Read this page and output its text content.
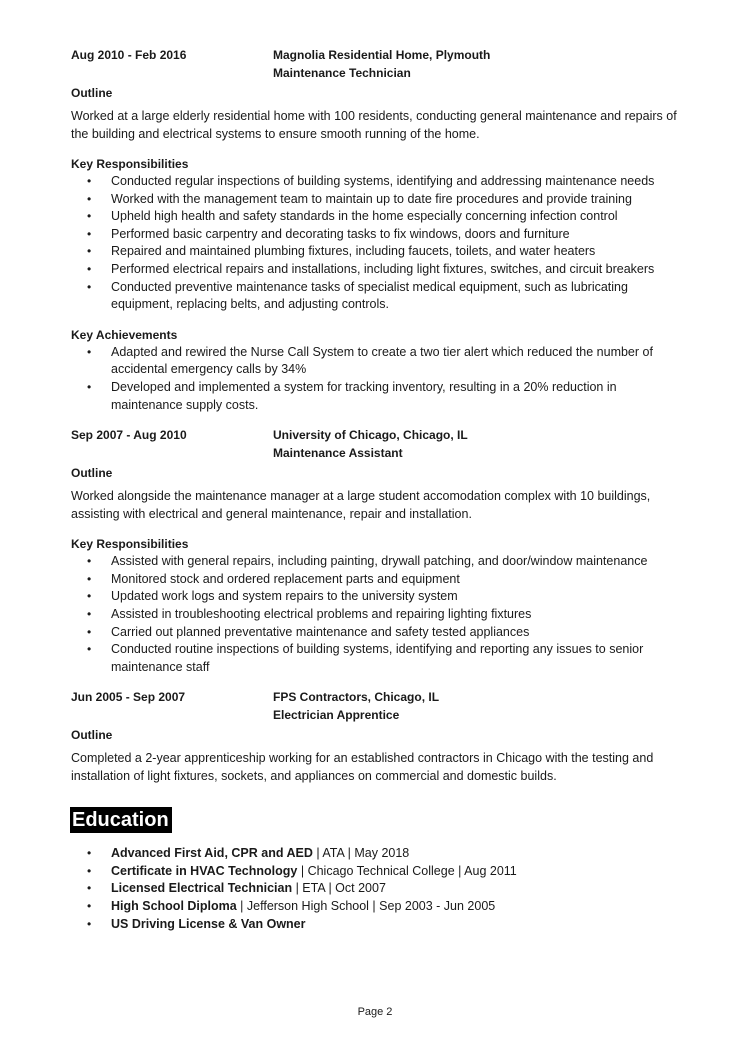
Aug 2010 - Feb 2016	Magnolia Residential Home, Plymouth
Maintenance Technician
Outline
Worked at a large elderly residential home with 100 residents, conducting general maintenance and repairs of the building and electrical systems to ensure smooth running of the home.
Key Responsibilities
• Conducted regular inspections of building systems, identifying and addressing maintenance needs
• Worked with the management team to maintain up to date fire procedures and provide training
• Upheld high health and safety standards in the home especially concerning infection control
• Performed basic carpentry and decorating tasks to fix windows, doors and furniture
• Repaired and maintained plumbing fixtures, including faucets, toilets, and water heaters
• Performed electrical repairs and installations, including light fixtures, switches, and circuit breakers
• Conducted preventive maintenance tasks of specialist medical equipment, such as lubricating equipment, replacing belts, and adjusting controls.
Key Achievements
• Adapted and rewired the Nurse Call System to create a two tier alert which reduced the number of accidental emergency calls by 34%
• Developed and implemented a system for tracking inventory, resulting in a 20% reduction in maintenance supply costs.
Sep 2007 - Aug 2010	University of Chicago, Chicago, IL
Maintenance Assistant
Outline
Worked alongside the maintenance manager at a large student accomodation complex with 10 buildings, assisting with electrical and general maintenance, repair and installation.
Key Responsibilities
• Assisted with general repairs, including painting, drywall patching, and door/window maintenance
• Monitored stock and ordered replacement parts and equipment
• Updated work logs and system repairs to the university system
• Assisted in troubleshooting electrical problems and repairing lighting fixtures
• Carried out planned preventative maintenance and safety tested appliances
• Conducted routine inspections of building systems, identifying and reporting any issues to senior maintenance staff
Jun 2005 - Sep 2007	FPS Contractors, Chicago, IL
Electrician Apprentice
Outline
Completed a 2-year apprenticeship working for an established contractors in Chicago with the testing and installation of light fixtures, sockets, and appliances on commercial and domestic builds.
Education
• Advanced First Aid, CPR and AED | ATA | May 2018
• Certificate in HVAC Technology | Chicago Technical College | Aug 2011
• Licensed Electrical Technician | ETA | Oct 2007
• High School Diploma | Jefferson High School | Sep 2003 - Jun 2005
• US Driving License & Van Owner
Page 2
